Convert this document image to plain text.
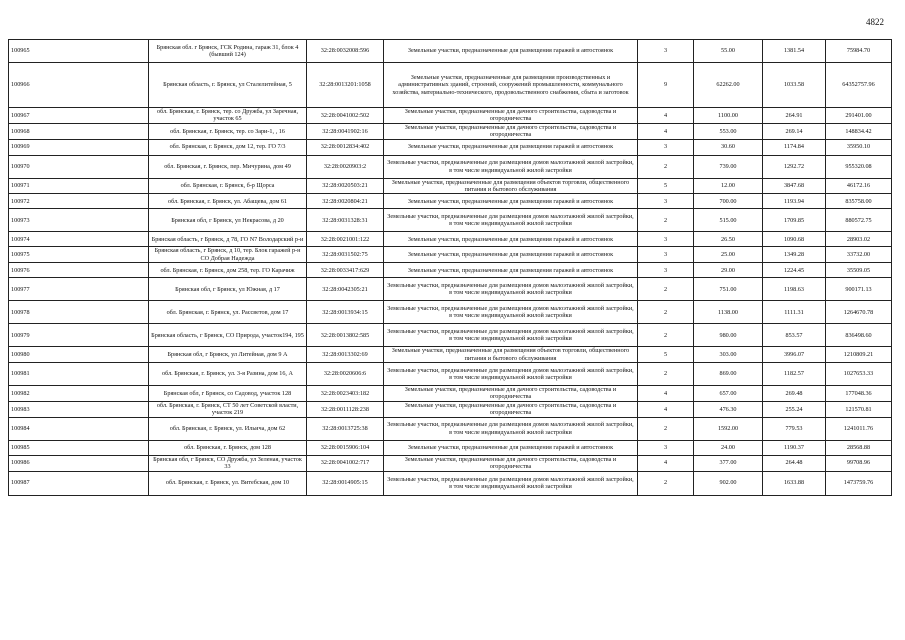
4822
100965	Брянская обл. г Брянск, ГСК Родина, гараж 31, блок 4 (бывший 124)	32:28:0032008:596	Земельные участки, предназначенные для размещения гаражей и автостоянок	3	55.00	1381.54	75984.70
100966	Брянская область, г. Брянск, ул Сталелитейная, 5	32:28:0013201:1058	Земельные участки, предназначенные для размещения производственных и административных зданий, строений, сооружений промышленности, коммунального хозяйства, материально-технического, продовольственного снабжения, сбыта и заготовок	9	62262.00	1033.58	64352757.96
100967	обл. Брянская, г. Брянск, тер. со Дружба, ул Заречная, участок 65	32:28:0041002:502	Земельные участки, предназначенные для дачного строительства, садоводства и огородничества	4	1100.00	264.91	291401.00
100968	обл. Брянская, г. Брянск, тер. со Зари-1, , 16	32:28:0041902:16	Земельные участки, предназначенные для дачного строительства, садоводства и огородничества	4	553.00	269.14	148834.42
100969	обл. Брянская, г. Брянск, дом 12, тер. ГО 7/3	32:28:0012834:402	Земельные участки, предназначенные для размещения гаражей и автостоянок	3	30.60	1174.84	35950.10
100970	обл. Брянская, г. Брянск, пер. Мичурина, дом 49	32:28:0020903:2	Земельные участки, предназначенные для размещения домов малоэтажной жилой застройки, в том числе индивидуальной жилой застройки	2	739.00	1292.72	955320.08
100971	обл. Брянская, г. Брянск, б-р Щорса	32:28:0020503:21	Земельные участки, предназначенные для размещения объектов торговли, общественного питания и бытового обслуживания	5	12.00	3847.68	46172.16
100972	обл. Брянская, г. Брянск, ул. Абащева, дом 61	32:28:0020804:21	Земельные участки, предназначенные для размещения гаражей и автостоянок	3	700.00	1193.94	835758.00
100973	Брянская обл, г Брянск, ул Некрасова, д 20	32:28:0031328:31	Земельные участки, предназначенные для размещения домов малоэтажной жилой застройки, в том числе индивидуальной жилой застройки	2	515.00	1709.85	880572.75
100974	Брянская область, г Брянск, д 78, ГО N7 Володарский р-и	32:28:0021001:122	Земельные участки, предназначенные для размещения гаражей и автостоянок	3	26.50	1090.68	28903.02
100975	Брянская область, г Брянск, д 10, тер. Блок гаражей р-н СО Добрая Надежда	32:28:0031502:75	Земельные участки, предназначенные для размещения гаражей и автостоянок	3	25.00	1349.28	33732.00
100976	обл. Брянская, г. Брянск, дом 258, тер. ГО Карачиж	32:28:0033417:629	Земельные участки, предназначенные для размещения гаражей и автостоянок	3	29.00	1224.45	35509.05
100977	Брянская обл, г Брянск, ул Южная, д 17	32:28:0042305:21	Земельные участки, предназначенные для размещения домов малоэтажной жилой застройки, в том числе индивидуальной жилой застройки	2	751.00	1198.63	900171.13
100978	обл. Брянская, г. Брянск, ул. Рассветов, дом 17	32:28:0013934:15	Земельные участки, предназначенные для размещения домов малоэтажной жилой застройки, в том числе индивидуальной жилой застройки	2	1138.00	1111.31	1264670.78
100979	Брянская область, г Брянск, СО Природа, участок194, 195	32:28:0013802:585	Земельные участки, предназначенные для размещения домов малоэтажной жилой застройки, в том числе индивидуальной жилой застройки	2	980.00	853.57	836498.60
100980	Брянская обл, г Брянск, ул Литейная, дом 9 А	32:28:0013302:69	Земельные участки, предназначенные для размещения объектов торговли, общественного питания и бытового обслуживания	5	303.00	3996.07	1210809.21
100981	обл. Брянская, г. Брянск, ул. 3-я Разина, дом 16, А	32:28:0020606:6	Земельные участки, предназначенные для размещения домов малоэтажной жилой застройки, в том числе индивидуальной жилой застройки	2	869.00	1182.57	1027653.33
100982	Брянская обл, г Брянск, со Садовод, участок 128	32:28:0023403:182	Земельные участки, предназначенные для дачного строительства, садоводства и огородничества	4	657.00	269.48	177048.36
100983	обл. Брянская, г. Брянск, СТ 50 лет Советской власти, участок 219	32:28:0011128:238	Земельные участки, предназначенные для дачного строительства, садоводства и огородничества	4	476.30	255.24	121570.81
100984	обл. Брянская, г. Брянск, ул. Ильича, дом 62	32:28:0013725:38	Земельные участки, предназначенные для размещения домов малоэтажной жилой застройки, в том числе индивидуальной жилой застройки	2	1592.00	779.53	1241011.76
100985	обл. Брянская, г. Брянск, дом 128	32:28:0015906:104	Земельные участки, предназначенные для размещения гаражей и автостоянок	3	24.00	1190.37	28568.88
100986	Брянская обл, г Брянск, СО Дружба, ул Зеленая, участок 33	32:28:0041002:717	Земельные участки, предназначенные для дачного строительства, садоводства и огородничества	4	377.00	264.48	99708.96
100987	обл. Брянская, г. Брянск, ул. Витебская, дом 10	32:28:0014905:15	Земельные участки, предназначенные для размещения домов малоэтажной жилой застройки, в том числе индивидуальной жилой застройки	2	902.00	1633.88	1473759.76
